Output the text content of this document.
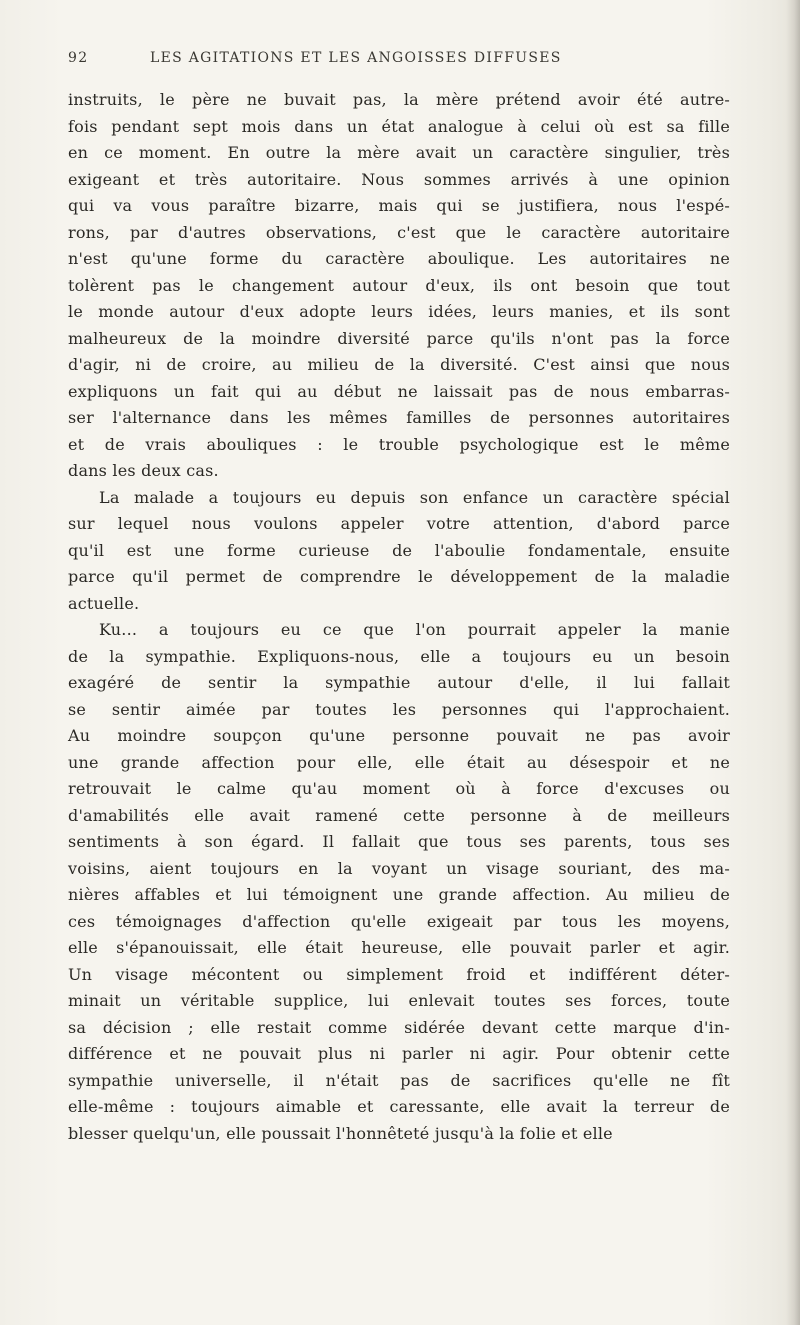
92	LES AGITATIONS ET LES ANGOISSES DIFFUSES
instruits, le père ne buvait pas, la mère prétend avoir été autre-
fois pendant sept mois dans un état analogue à celui où est sa fille
en ce moment. En outre la mère avait un caractère singulier, très
exigeant et très autoritaire. Nous sommes arrivés à une opinion
qui va vous paraître bizarre, mais qui se justifiera, nous l'espé-
rons, par d'autres observations, c'est que le caractère autoritaire
n'est qu'une forme du caractère aboulique. Les autoritaires ne
tolèrent pas le changement autour d'eux, ils ont besoin que tout
le monde autour d'eux adopte leurs idées, leurs manies, et ils sont
malheureux de la moindre diversité parce qu'ils n'ont pas la force
d'agir, ni de croire, au milieu de la diversité. C'est ainsi que nous
expliquons un fait qui au début ne laissait pas de nous embarras-
ser l'alternance dans les mêmes familles de personnes autoritaires
et de vrais abouliques : le trouble psychologique est le même
dans les deux cas.
La malade a toujours eu depuis son enfance un caractère spécial
sur lequel nous voulons appeler votre attention, d'abord parce
qu'il est une forme curieuse de l'aboulie fondamentale, ensuite
parce qu'il permet de comprendre le développement de la maladie
actuelle.
Ku... a toujours eu ce que l'on pourrait appeler la manie
de la sympathie. Expliquons-nous, elle a toujours eu un besoin
exagéré de sentir la sympathie autour d'elle, il lui fallait
se sentir aimée par toutes les personnes qui l'approchaient.
Au moindre soupçon qu'une personne pouvait ne pas avoir
une grande affection pour elle, elle était au désespoir et ne
retrouvait le calme qu'au moment où à force d'excuses ou
d'amabilités elle avait ramené cette personne à de meilleurs
sentiments à son égard. Il fallait que tous ses parents, tous ses
voisins, aient toujours en la voyant un visage souriant, des ma-
nières affables et lui témoignent une grande affection. Au milieu de
ces témoignages d'affection qu'elle exigeait par tous les moyens,
elle s'épanouissait, elle était heureuse, elle pouvait parler et agir.
Un visage mécontent ou simplement froid et indifférent déter-
minait un véritable supplice, lui enlevait toutes ses forces, toute
sa décision ; elle restait comme sidérée devant cette marque d'in-
différence et ne pouvait plus ni parler ni agir. Pour obtenir cette
sympathie universelle, il n'était pas de sacrifices qu'elle ne fît
elle-même : toujours aimable et caressante, elle avait la terreur de
blesser quelqu'un, elle poussait l'honnêteté jusqu'à la folie et elle
